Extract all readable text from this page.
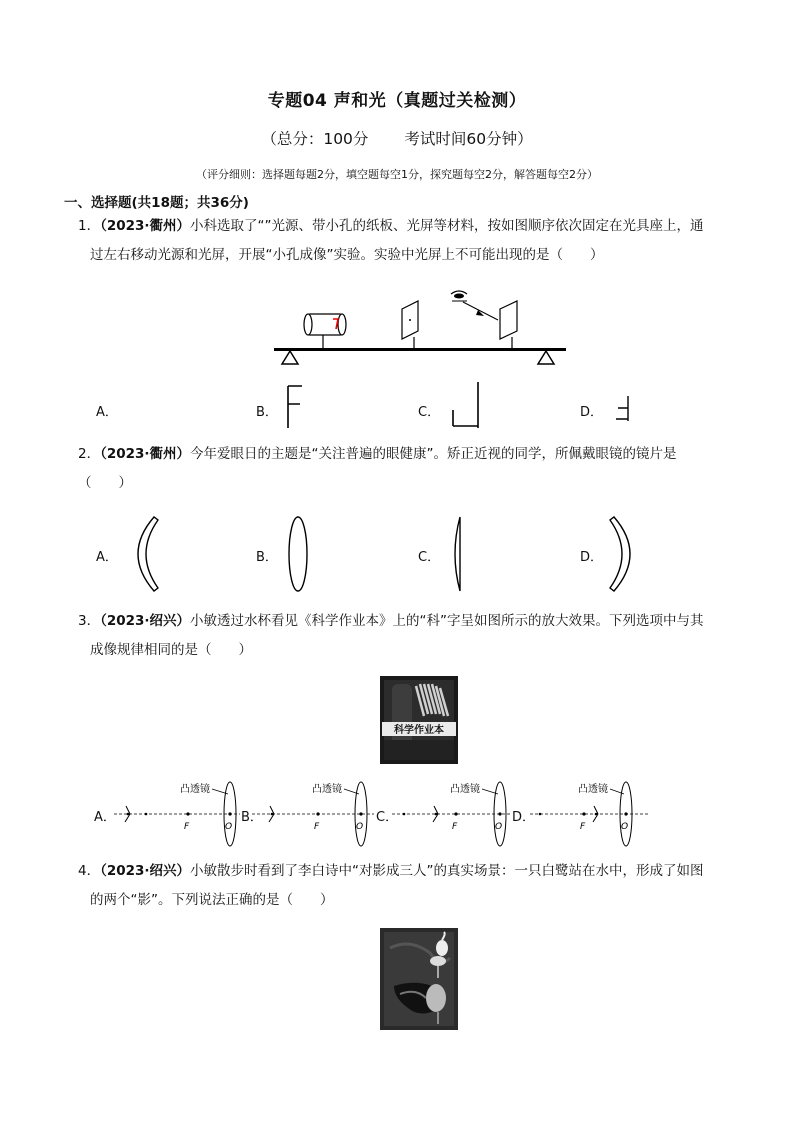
专题04 声和光（真题过关检测）
（总分：100分 考试时间60分钟）
（评分细则：选择题每题2分，填空题每空1分，探究题每空2分，解答题每空2分）
一、选择题(共18题；共36分)
1．（2023·衢州）小科选取了“”光源、带小孔的纸板、光屏等材料，按如图顺序依次固定在光具座上，通
过左右移动光源和光屏，开展“小孔成像”实验。实验中光屏上不可能出现的是（　　）
A．	B．	C．	D．
2．（2023·衢州）今年爱眼日的主题是“关注普遍的眼健康”。矫正近视的同学，所佩戴眼镜的镜片是
（　　）
A．	B．	C．	D．
3．（2023·绍兴）小敏透过水杯看见《科学作业本》上的“科”字呈如图所示的放大效果。下列选项中与其
成像规律相同的是（　　）
科学作业本
A．	B．	C．	D．
凸透镜
F	O
凸透镜
F	O
凸透镜
F	O
凸透镜
F	O
4．（2023·绍兴）小敏散步时看到了李白诗中“对影成三人”的真实场景：一只白鹭站在水中，形成了如图
的两个“影”。下列说法正确的是（　　）
